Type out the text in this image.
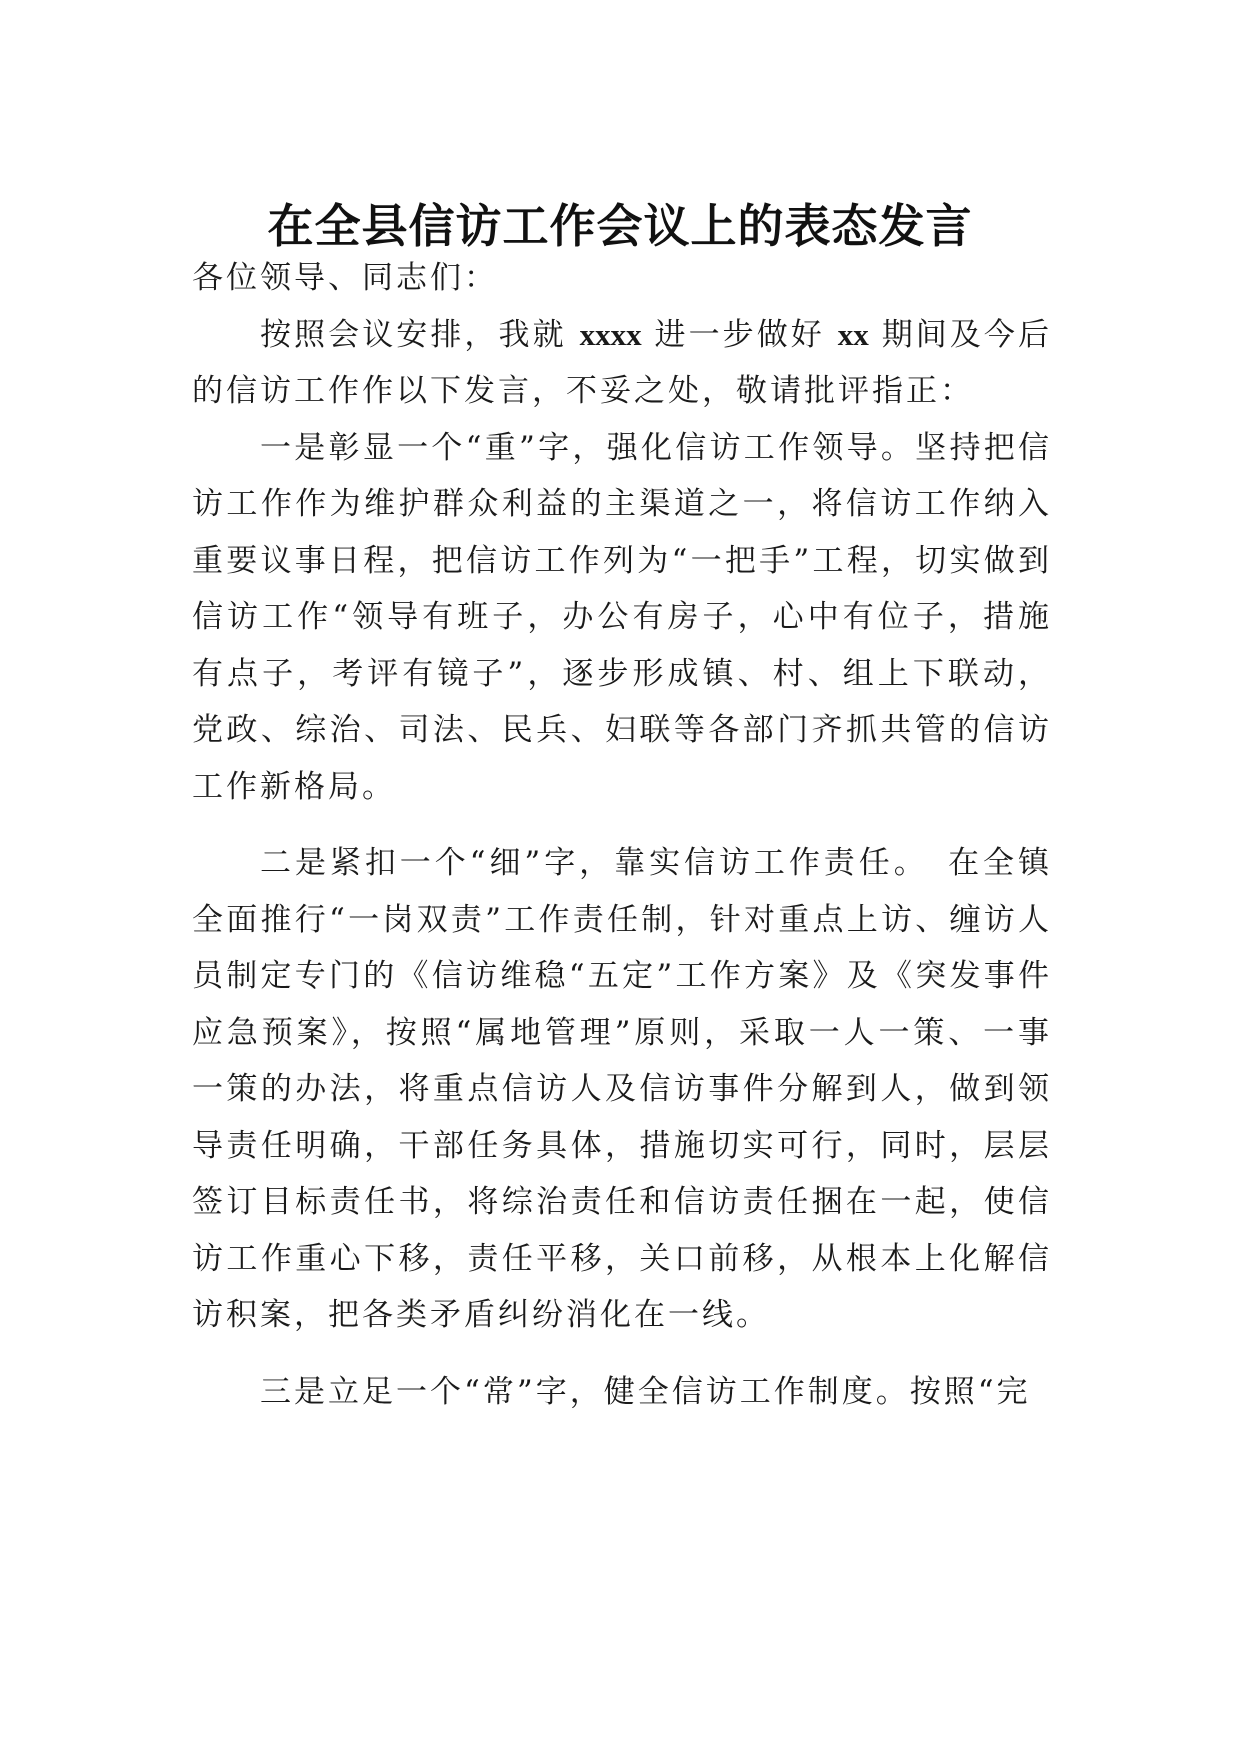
在全县信访工作会议上的表态发言

各位领导、同志们：

按照会议安排，我就 xxxx 进一步做好 xx 期间及今后的信访工作作以下发言，不妥之处，敬请批评指正：

一是彰显一个“重”字，强化信访工作领导。坚持把信访工作作为维护群众利益的主渠道之一，将信访工作纳入重要议事日程，把信访工作列为“一把手”工程，切实做到信访工作“领导有班子，办公有房子，心中有位子，措施有点子，考评有镜子”，逐步形成镇、村、组上下联动，党政、综治、司法、民兵、妇联等各部门齐抓共管的信访工作新格局。

二是紧扣一个“细”字，靠实信访工作责任。　在全镇全面推行“一岗双责”工作责任制，针对重点上访、缠访人员制定专门的《信访维稳“五定”工作方案》及《突发事件应急预案》，按照“属地管理”原则，采取一人一策、一事一策的办法，将重点信访人及信访事件分解到人，做到领导责任明确，干部任务具体，措施切实可行，同时，层层签订目标责任书，将综治责任和信访责任捆在一起，使信访工作重心下移，责任平移，关口前移，从根本上化解信访积案，把各类矛盾纠纷消化在一线。

三是立足一个“常”字，健全信访工作制度。按照“完
